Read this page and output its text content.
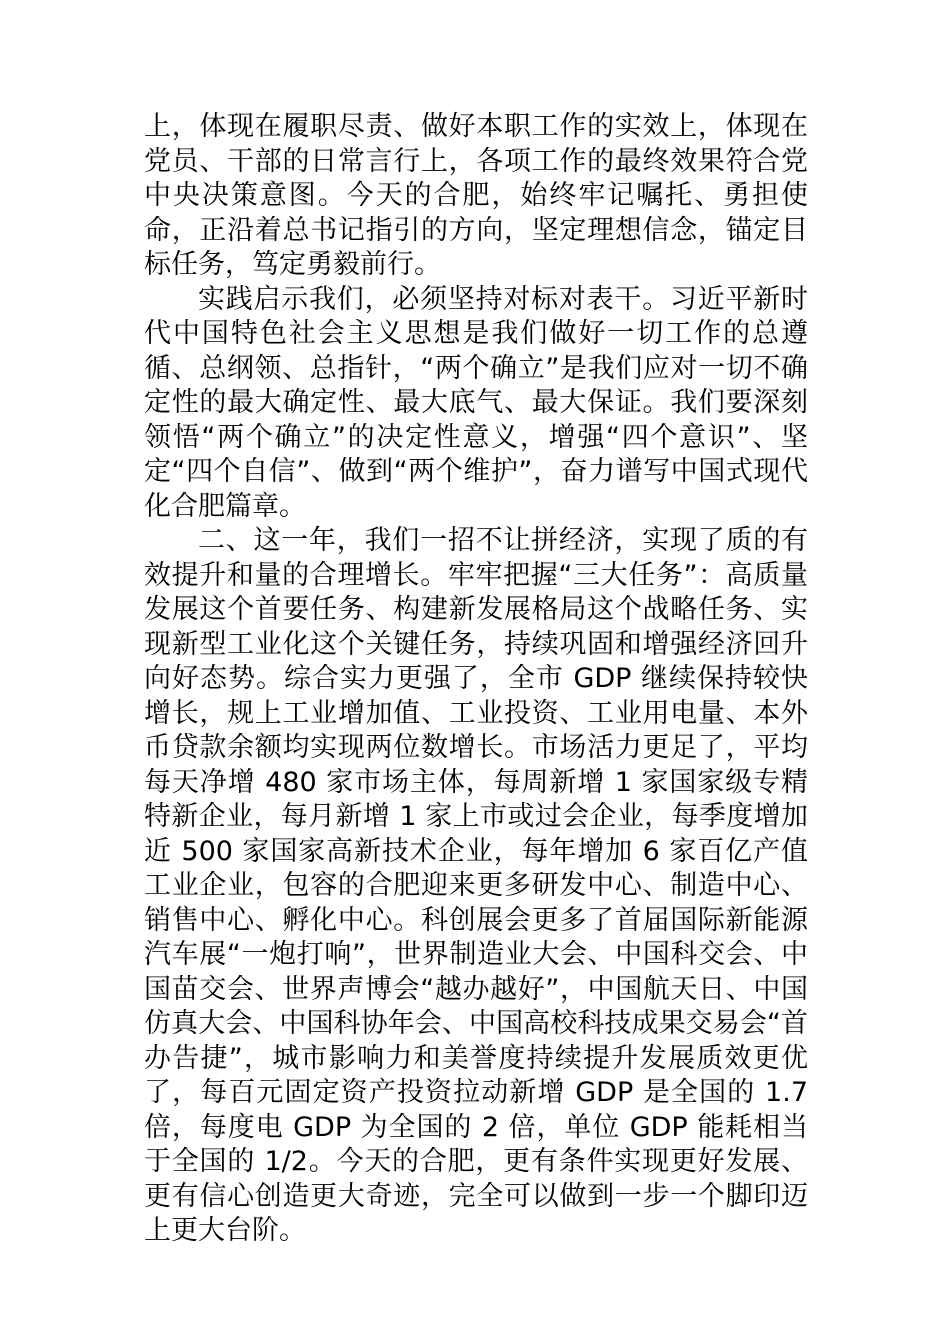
上，体现在履职尽责、做好本职工作的实效上，体现在党员、干部的日常言行上，各项工作的最终效果符合党中央决策意图。今天的合肥，始终牢记嘱托、勇担使命，正沿着总书记指引的方向，坚定理想信念，锚定目标任务，笃定勇毅前行。

实践启示我们，必须坚持对标对表干。习近平新时代中国特色社会主义思想是我们做好一切工作的总遵循、总纲领、总指针，“两个确立”是我们应对一切不确定性的最大确定性、最大底气、最大保证。我们要深刻领悟“两个确立”的决定性意义，增强“四个意识”、坚定“四个自信”、做到“两个维护”，奋力谱写中国式现代化合肥篇章。

二、这一年，我们一招不让拼经济，实现了质的有效提升和量的合理增长。牢牢把握“三大任务”：高质量发展这个首要任务、构建新发展格局这个战略任务、实现新型工业化这个关键任务，持续巩固和增强经济回升向好态势。综合实力更强了，全市 GDP 继续保持较快增长，规上工业增加值、工业投资、工业用电量、本外币贷款余额均实现两位数增长。市场活力更足了，平均每天净增 480 家市场主体，每周新增 1 家国家级专精特新企业，每月新增 1 家上市或过会企业，每季度增加近 500 家国家高新技术企业，每年增加 6 家百亿产值工业企业，包容的合肥迎来更多研发中心、制造中心、销售中心、孵化中心。科创展会更多了首届国际新能源汽车展“一炮打响”，世界制造业大会、中国科交会、中国苗交会、世界声博会“越办越好”，中国航天日、中国仿真大会、中国科协年会、中国高校科技成果交易会“首办告捷”，城市影响力和美誉度持续提升发展质效更优了，每百元固定资产投资拉动新增 GDP 是全国的 1.7 倍，每度电 GDP 为全国的 2 倍，单位 GDP 能耗相当于全国的 1/2。今天的合肥，更有条件实现更好发展、更有信心创造更大奇迹，完全可以做到一步一个脚印迈上更大台阶。
